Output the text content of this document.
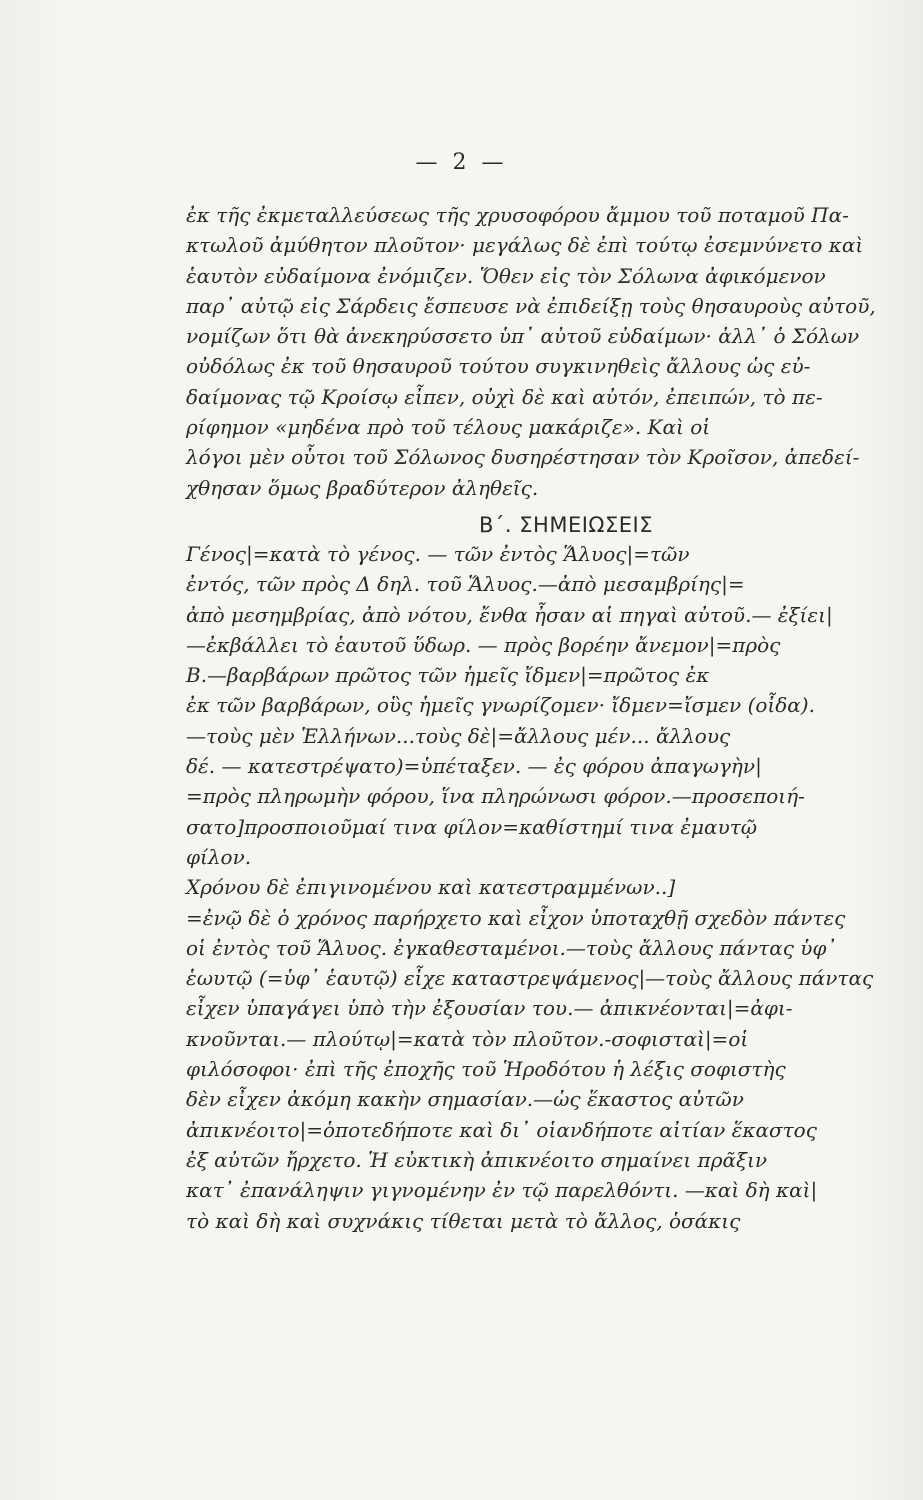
— 2 —
ἐκ τῆς ἐκμεταλλεύσεως τῆς χρυσοφόρου ἄμμου τοῦ ποταμοῦ Πα-
κτωλοῦ ἀμύθητον πλοῦτον· μεγάλως δὲ ἐπὶ τούτῳ ἐσεμνύνετο καὶ
ἑαυτὸν εὐδαίμονα ἐνόμιζεν. Ὅθεν εἰς τὸν Σόλωνα ἀφικόμενον
παρ᾿ αὐτῷ εἰς Σάρδεις ἔσπευσε νὰ ἐπιδείξῃ τοὺς θησαυροὺς αὐτοῦ,
νομίζων ὅτι θὰ ἀνεκηρύσσετο ὑπ᾿ αὐτοῦ εὐδαίμων· ἀλλ᾿ ὁ Σόλων
οὐδόλως ἐκ τοῦ θησαυροῦ τούτου συγκινηθεὶς ἄλλους ὡς εὐ-
δαίμονας τῷ Κροίσῳ εἶπεν, οὐχὶ δὲ καὶ αὐτόν, ἐπειπών, τὸ πε-
ρίφημον «μηδένα πρὸ τοῦ τέλους μακάριζε». Καὶ οἱ
λόγοι μὲν οὗτοι τοῦ Σόλωνος δυσηρέστησαν τὸν Κροῖσον, ἀπεδεί-
χθησαν ὅμως βραδύτερον ἀληθεῖς.
Β΄. ΣΗΜΕΙΩΣΕΙΣ
Γένος|=κατὰ τὸ γένος. — τῶν ἐντὸς Ἅλυος|=τῶν
ἐντός, τῶν πρὸς Δ δηλ. τοῦ Ἅλυος.—ἀπὸ μεσαμβρίης|=
ἀπὸ μεσημβρίας, ἀπὸ νότου, ἔνθα ἦσαν αἱ πηγαὶ αὐτοῦ.— ἐξίει|
—ἐκβάλλει τὸ ἑαυτοῦ ὕδωρ. — πρὸς βορέην ἄνεμον|=πρὸς
Β.—βαρβάρων πρῶτος τῶν ἡμεῖς ἴδμεν|=πρῶτος ἐκ
ἐκ τῶν βαρβάρων, οὓς ἡμεῖς γνωρίζομεν· ἴδμεν=ἴσμεν (οἶδα).
—τοὺς μὲν Ἑλλήνων...τοὺς δὲ|=ἄλλους μέν... ἄλλους
δέ. — κατεστρέψατο)=ὑπέταξεν. — ἐς φόρου ἀπαγωγὴν|
=πρὸς πληρωμὴν φόρου, ἵνα πληρώνωσι φόρον.—προσεποιή-
σατο]προσποιοῦμαί τινα φίλον=καθίστημί τινα ἐμαυτῷ
φίλον.
Χρόνου δὲ ἐπιγινομένου καὶ κατεστραμμένων..]
=ἐνῷ δὲ ὁ χρόνος παρήρχετο καὶ εἶχον ὑποταχθῇ σχεδὸν πάντες
οἱ ἐντὸς τοῦ Ἅλυος. ἐγκαθεσταμένοι.—τοὺς ἄλλους πάντας ὑφ᾿
ἑωυτῷ (=ὑφ᾿ ἑαυτῷ) εἶχε καταστρεψάμενος|—τοὺς ἄλλους πάντας
εἶχεν ὑπαγάγει ὑπὸ τὴν ἐξουσίαν του.— ἀπικνέονται|=ἀφι-
κνοῦνται.— πλούτῳ|=κατὰ τὸν πλοῦτον.-σοφισταὶ|=οἱ
φιλόσοφοι· ἐπὶ τῆς ἐποχῆς τοῦ Ἡροδότου ἡ λέξις σοφιστὴς
δὲν εἶχεν ἀκόμη κακὴν σημασίαν.—ὡς ἕκαστος αὐτῶν
ἀπικνέοιτο|=ὁποτεδήποτε καὶ δι᾿ οἱανδήποτε αἰτίαν ἕκαστος
ἐξ αὐτῶν ἤρχετο. Ἡ εὐκτικὴ ἀπικνέοιτο σημαίνει πρᾶξιν
κατ᾿ ἐπανάληψιν γιγνομένην ἐν τῷ παρελθόντι. —καὶ δὴ καὶ|
τὸ καὶ δὴ καὶ συχνάκις τίθεται μετὰ τὸ ἄλλος, ὁσάκις
